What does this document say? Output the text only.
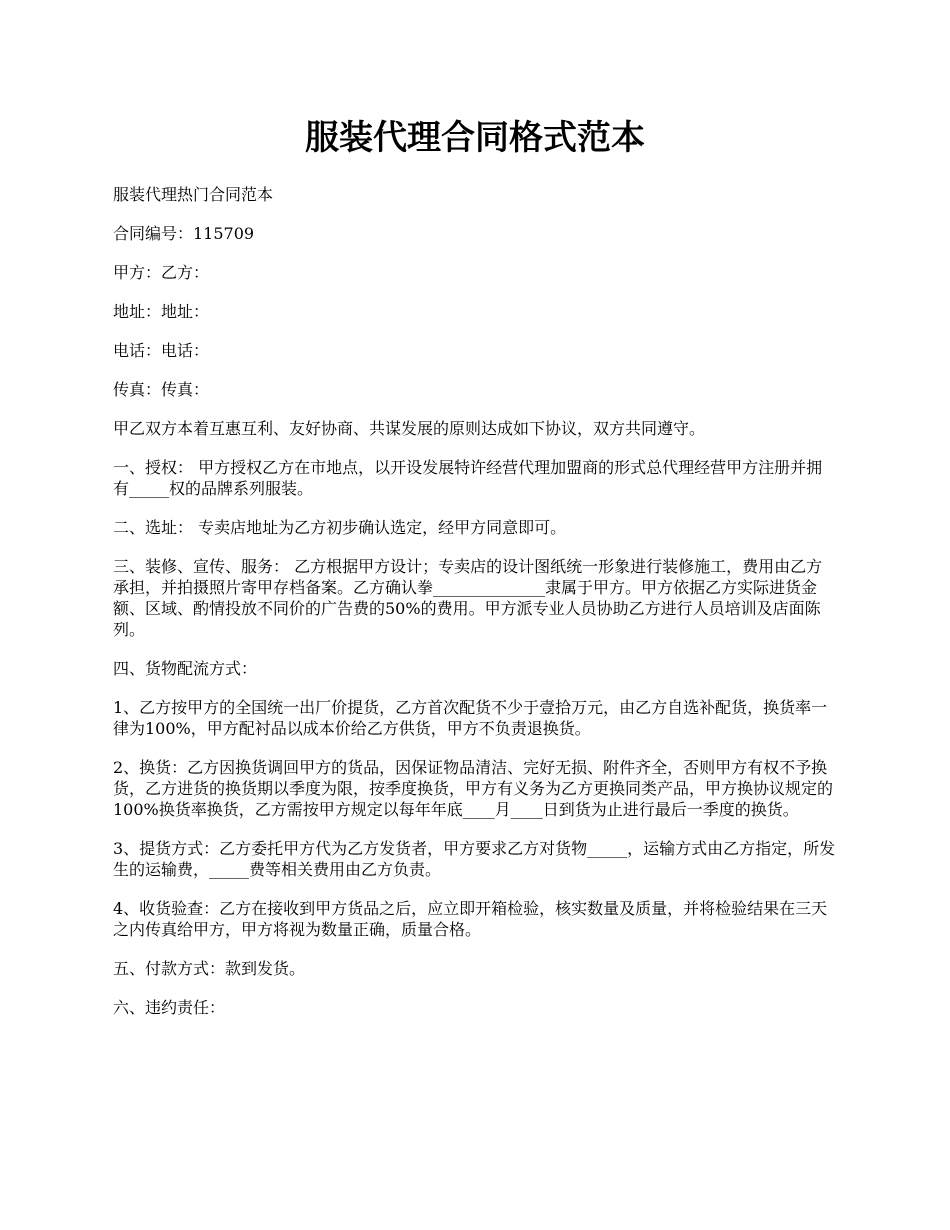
服装代理合同格式范本

服装代理热门合同范本

合同编号：115709

甲方：乙方：

地址：地址：

电话：电话：

传真：传真：

甲乙双方本着互惠互利、友好协商、共谋发展的原则达成如下协议，双方共同遵守。

一、授权： 甲方授权乙方在市地点，以开设发展特许经营代理加盟商的形式总代理经营甲方注册并拥有_____权的品牌系列服装。

二、选址： 专卖店地址为乙方初步确认选定，经甲方同意即可。

三、装修、宣传、服务： 乙方根据甲方设计；专卖店的设计图纸统一形象进行装修施工，费用由乙方承担，并拍摄照片寄甲存档备案。乙方确认拳______________隶属于甲方。甲方依据乙方实际进货金额、区域、酌情投放不同价的广告费的50%的费用。甲方派专业人员协助乙方进行人员培训及店面陈列。

四、货物配流方式：

1、乙方按甲方的全国统一出厂价提货，乙方首次配货不少于壹拾万元，由乙方自选补配货，换货率一律为100%，甲方配衬品以成本价给乙方供货，甲方不负责退换货。

2、换货：乙方因换货调回甲方的货品，因保证物品清洁、完好无损、附件齐全，否则甲方有权不予换货，乙方进货的换货期以季度为限，按季度换货，甲方有义务为乙方更换同类产品，甲方换协议规定的100%换货率换货，乙方需按甲方规定以每年年底____月____日到货为止进行最后一季度的换货。

3、提货方式：乙方委托甲方代为乙方发货者，甲方要求乙方对货物_____，运输方式由乙方指定，所发生的运输费，_____费等相关费用由乙方负责。

4、收货验查：乙方在接收到甲方货品之后，应立即开箱检验，核实数量及质量，并将检验结果在三天之内传真给甲方，甲方将视为数量正确，质量合格。

五、付款方式：款到发货。

六、违约责任：
